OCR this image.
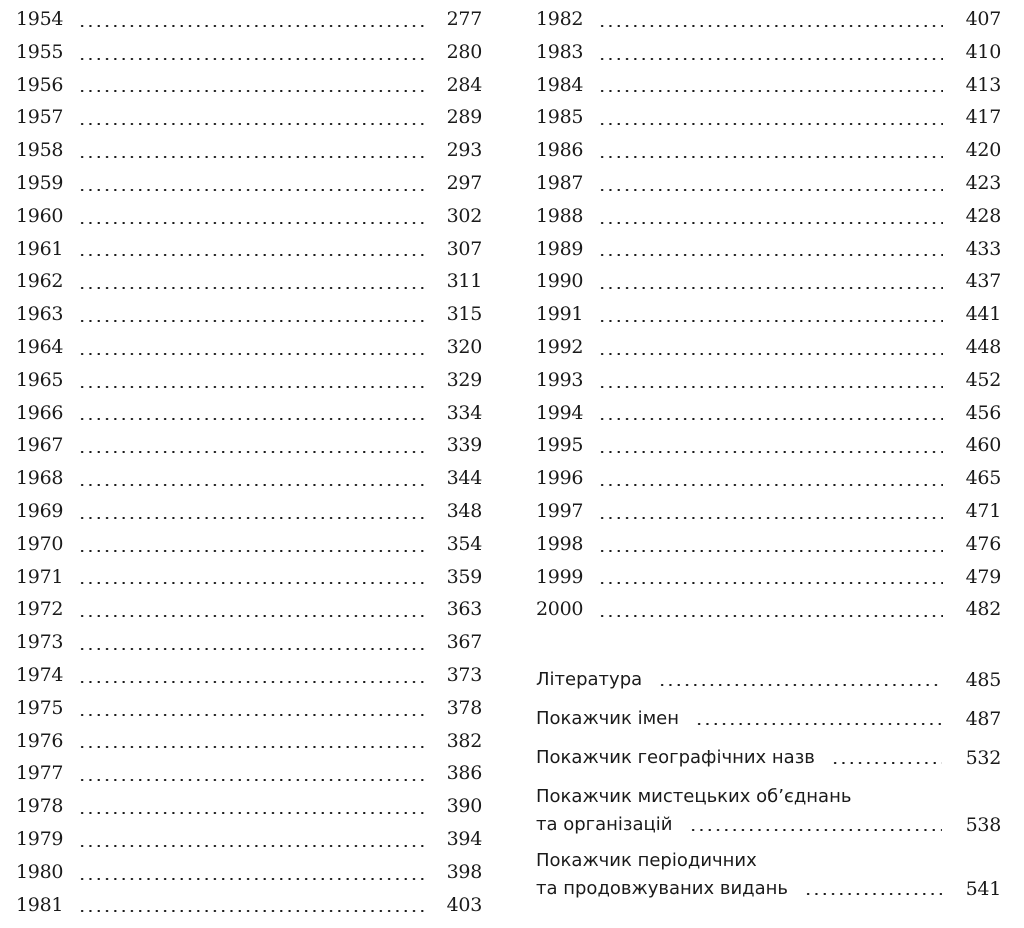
1954	277
1955	280
1956	284
1957	289
1958	293
1959	297
1960	302
1961	307
1962	311
1963	315
1964	320
1965	329
1966	334
1967	339
1968	344
1969	348
1970	354
1971	359
1972	363
1973	367
1974	373
1975	378
1976	382
1977	386
1978	390
1979	394
1980	398
1981	403
1982	407
1983	410
1984	413
1985	417
1986	420
1987	423
1988	428
1989	433
1990	437
1991	441
1992	448
1993	452
1994	456
1995	460
1996	465
1997	471
1998	476
1999	479
2000	482
Література	485
Покажчик імен	487
Покажчик географічних назв	532
Покажчик мистецьких об’єднань
та організацій	538
Покажчик періодичних
та продовжуваних видань	541
